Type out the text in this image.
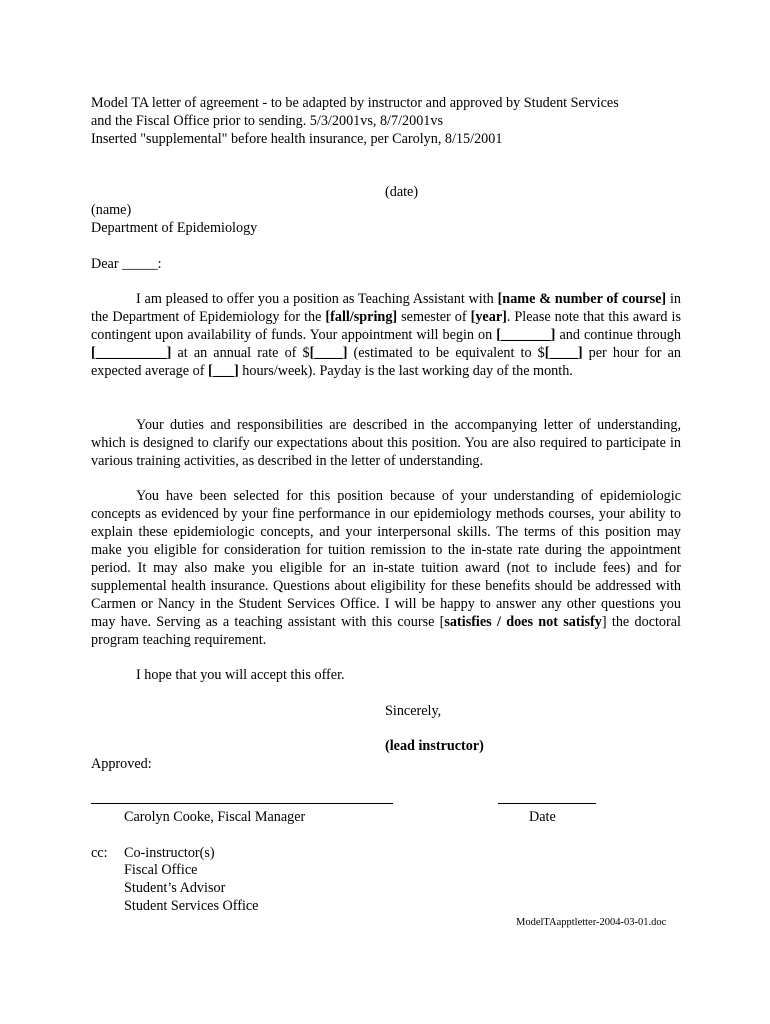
Model TA letter of agreement - to be adapted by instructor and approved by Student Services
and the Fiscal Office prior to sending. 5/3/2001vs, 8/7/2001vs
Inserted "supplemental" before health insurance, per Carolyn, 8/15/2001
(date)
(name)
Department of Epidemiology
Dear _____:
I am pleased to offer you a position as Teaching Assistant with [name & number of course] in the Department of Epidemiology for the [fall/spring] semester of [year]. Please note that this award is contingent upon availability of funds. Your appointment will begin on [_______] and continue through [__________] at an annual rate of $[____] (estimated to be equivalent to $[____] per hour for an expected average of [___] hours/week). Payday is the last working day of the month.
Your duties and responsibilities are described in the accompanying letter of understanding, which is designed to clarify our expectations about this position. You are also required to participate in various training activities, as described in the letter of understanding.
You have been selected for this position because of your understanding of epidemiologic concepts as evidenced by your fine performance in our epidemiology methods courses, your ability to explain these epidemiologic concepts, and your interpersonal skills. The terms of this position may make you eligible for consideration for tuition remission to the in-state rate during the appointment period. It may also make you eligible for an in-state tuition award (not to include fees) and for supplemental health insurance. Questions about eligibility for these benefits should be addressed with Carmen or Nancy in the Student Services Office. I will be happy to answer any other questions you may have. Serving as a teaching assistant with this course [satisfies / does not satisfy] the doctoral program teaching requirement.
I hope that you will accept this offer.
Sincerely,
(lead instructor)
Approved:
Carolyn Cooke, Fiscal Manager	Date
cc: Co-instructor(s)
Fiscal Office
Student’s Advisor
Student Services Office
ModelTAapptletter-2004-03-01.doc
